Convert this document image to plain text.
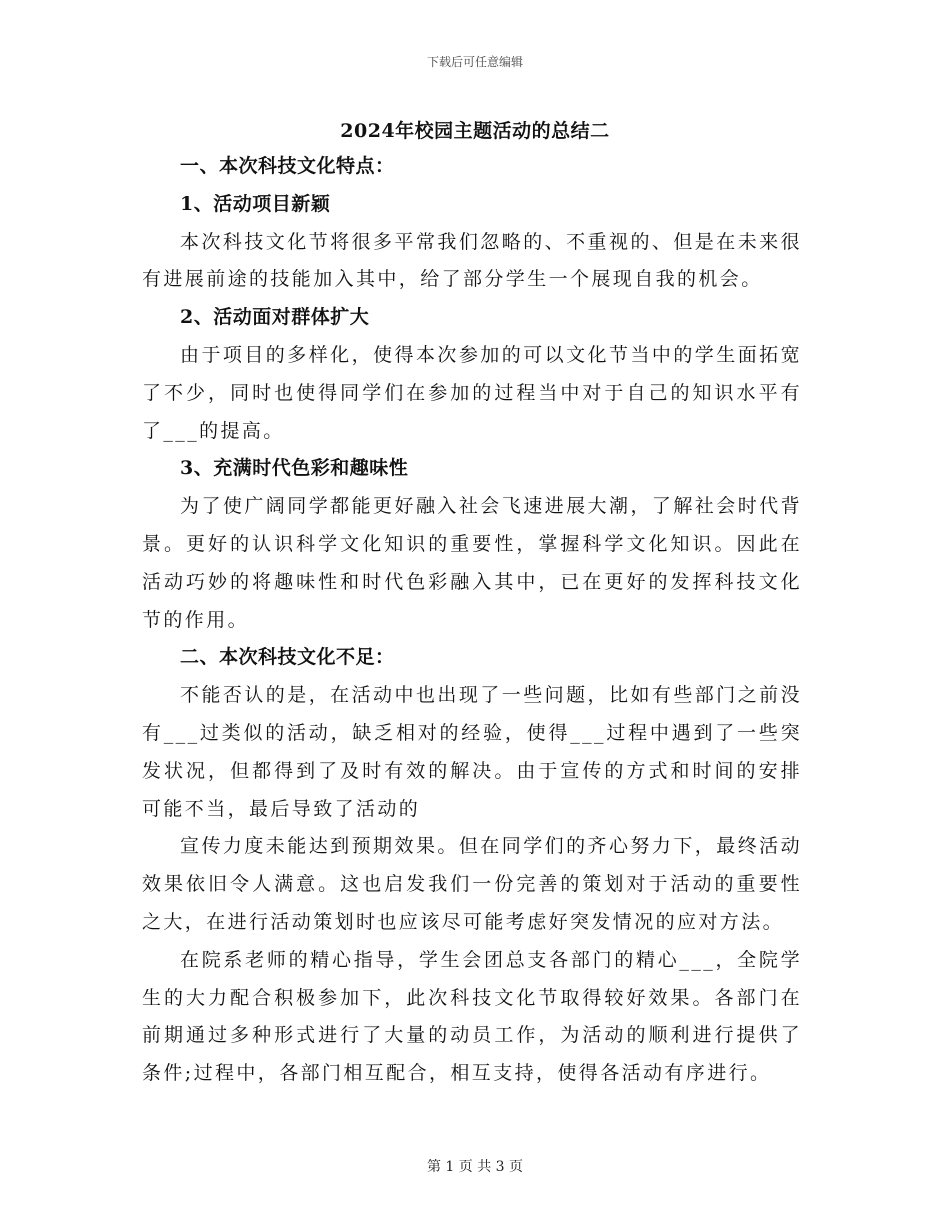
下载后可任意编辑
2024年校园主题活动的总结二

一、本次科技文化特点：

1、活动项目新颖

本次科技文化节将很多平常我们忽略的、不重视的、但是在未来很有进展前途的技能加入其中，给了部分学生一个展现自我的机会。

2、活动面对群体扩大

由于项目的多样化，使得本次参加的可以文化节当中的学生面拓宽了不少，同时也使得同学们在参加的过程当中对于自己的知识水平有了___的提高。

3、充满时代色彩和趣味性

为了使广阔同学都能更好融入社会飞速进展大潮，了解社会时代背景。更好的认识科学文化知识的重要性，掌握科学文化知识。因此在活动巧妙的将趣味性和时代色彩融入其中，已在更好的发挥科技文化节的作用。

二、本次科技文化不足：

不能否认的是，在活动中也出现了一些问题，比如有些部门之前没有___过类似的活动，缺乏相对的经验，使得___过程中遇到了一些突发状况，但都得到了及时有效的解决。由于宣传的方式和时间的安排可能不当，最后导致了活动的

宣传力度未能达到预期效果。但在同学们的齐心努力下，最终活动效果依旧令人满意。这也启发我们一份完善的策划对于活动的重要性之大，在进行活动策划时也应该尽可能考虑好突发情况的应对方法。

在院系老师的精心指导，学生会团总支各部门的精心___，全院学生的大力配合积极参加下，此次科技文化节取得较好效果。各部门在前期通过多种形式进行了大量的动员工作，为活动的顺利进行提供了条件;过程中，各部门相互配合，相互支持，使得各活动有序进行。

第 1 页 共 3 页
